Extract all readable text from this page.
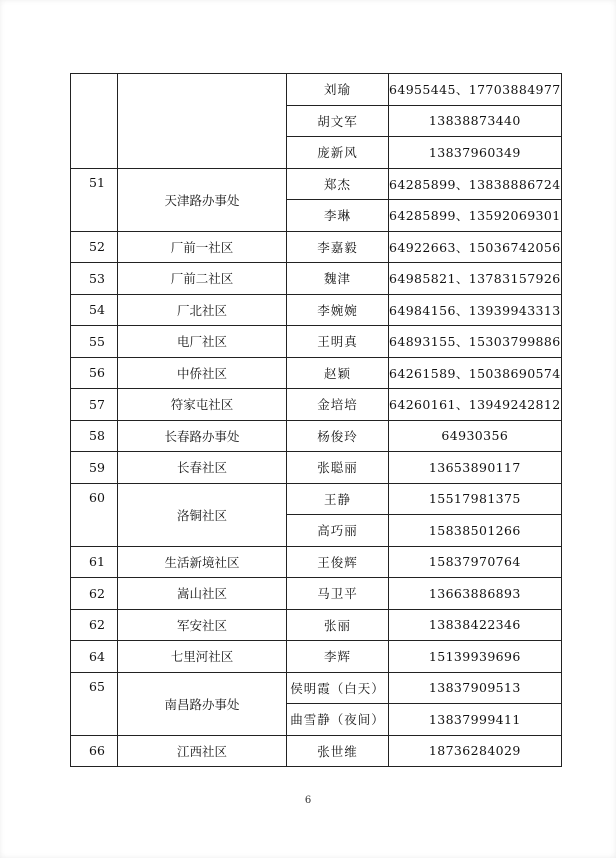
		刘瑜	64955445、17703884977
		胡文军	13838873440
		庞新风	13837960349
51	天津路办事处	郑杰	64285899、13838886724
		李琳	64285899、13592069301
52	厂前一社区	李嘉毅	64922663、15036742056
53	厂前二社区	魏津	64985821、13783157926
54	厂北社区	李婉婉	64984156、13939943313
55	电厂社区	王明真	64893155、15303799886
56	中侨社区	赵颖	64261589、15038690574
57	符家屯社区	金培培	64260161、13949242812
58	长春路办事处	杨俊玲	64930356
59	长春社区	张聪丽	13653890117
60	洛铜社区	王静	15517981375
		高巧丽	15838501266
61	生活新境社区	王俊辉	15837970764
62	嵩山社区	马卫平	13663886893
62	军安社区	张丽	13838422346
64	七里河社区	李辉	15139939696
65	南昌路办事处	侯明霞（白天）	13837909513
		曲雪静（夜间）	13837999411
66	江西社区	张世维	18736284029
6
